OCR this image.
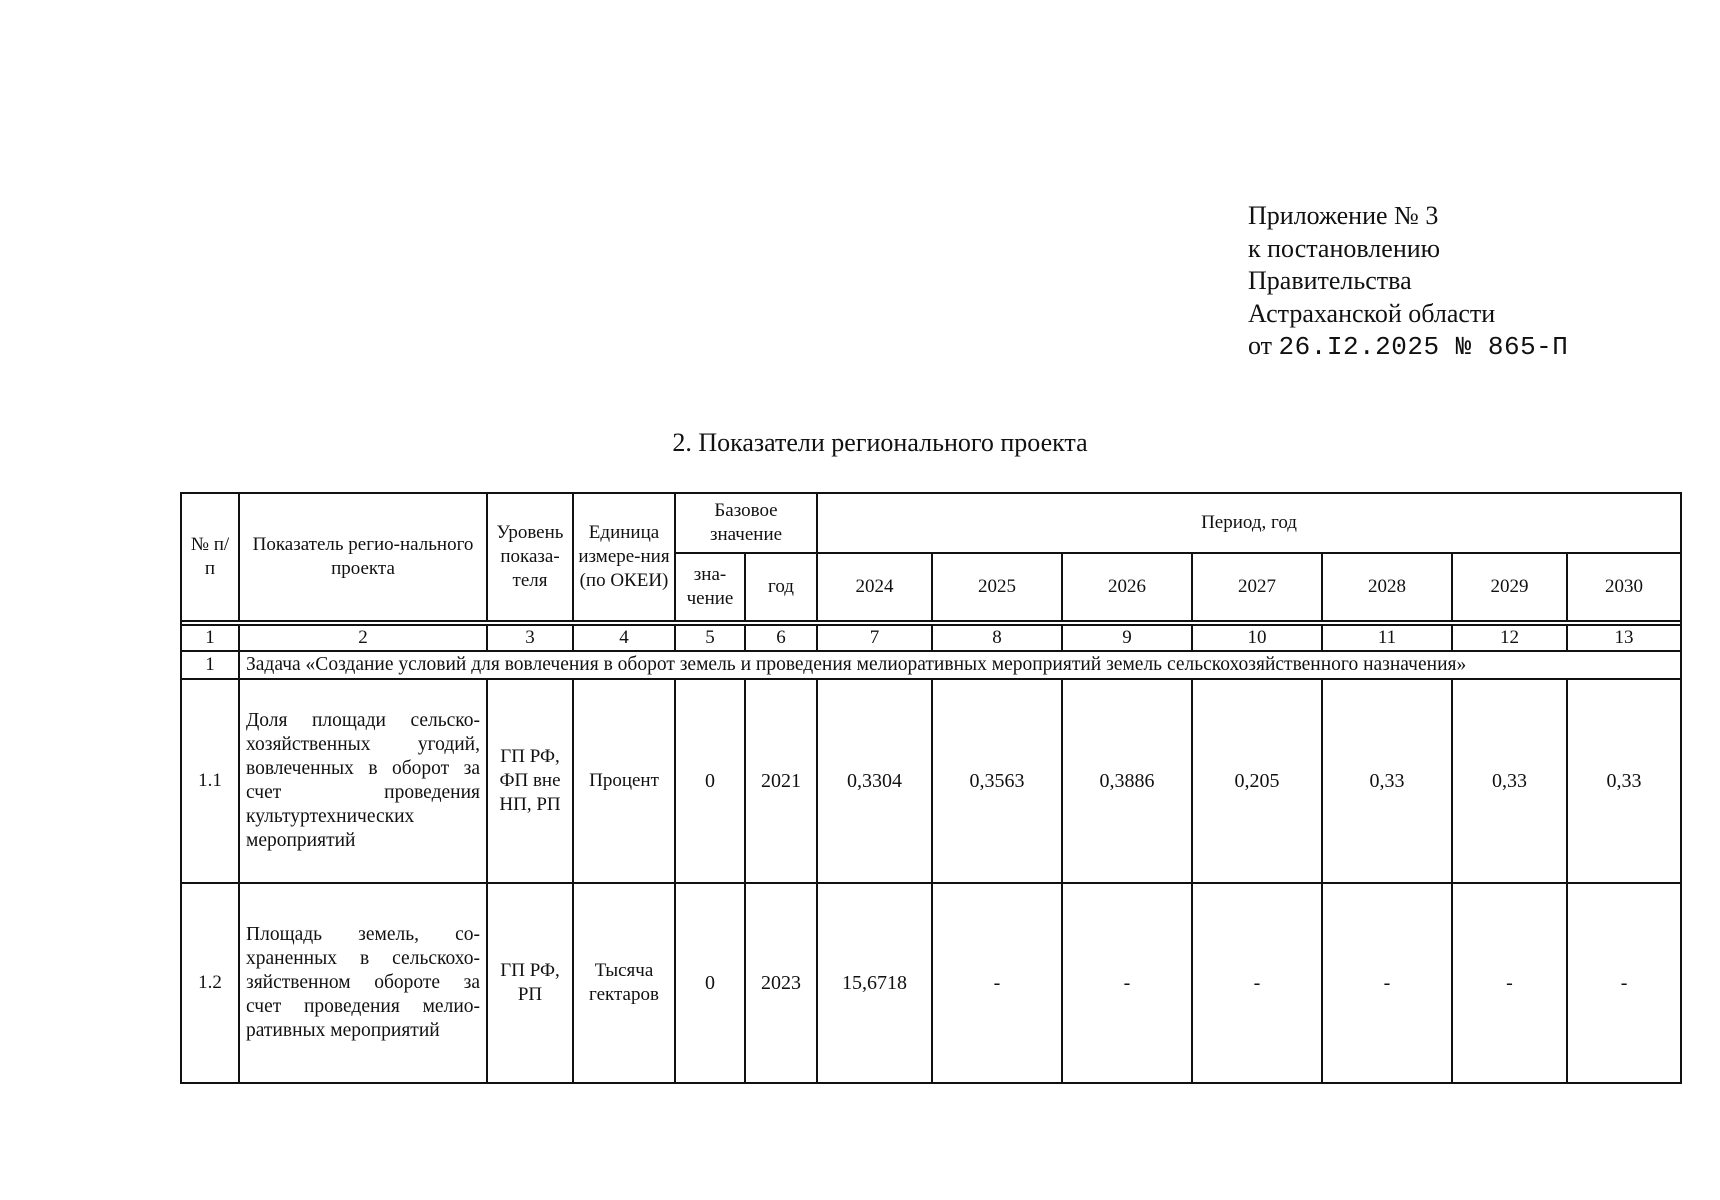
Приложение № 3
к постановлению
Правительства
Астраханской области
от 26.I2.2025 № 865-П
2. Показатели регионального проекта
№ п/п	Показатель регио-нального проекта	Уровень показа-теля	Единица измере-ния (по ОКЕИ)	Базовое значение		Период, год						
				зна-чение	год	2024	2025	2026	2027	2028	2029	2030

1	2	3	4	5	6	7	8	9	10	11	12	13
1	Задача «Создание условий для вовлечения в оборот земель и проведения мелиоративных мероприятий земель сельскохозяйственного назначения»											
1.1	Доля площади сельско-хозяйственных угодий, вовлеченных в оборот за счет проведения культуртехнических мероприятий	ГП РФ, ФП вне НП, РП	Процент	0	2021	0,3304	0,3563	0,3886	0,205	0,33	0,33	0,33
1.2	Площадь земель, со-храненных в сельскохо-зяйственном обороте за счет проведения мелио-ративных мероприятий	ГП РФ, РП	Тысяча гектаров	0	2023	15,6718	-	-	-	-	-	-
